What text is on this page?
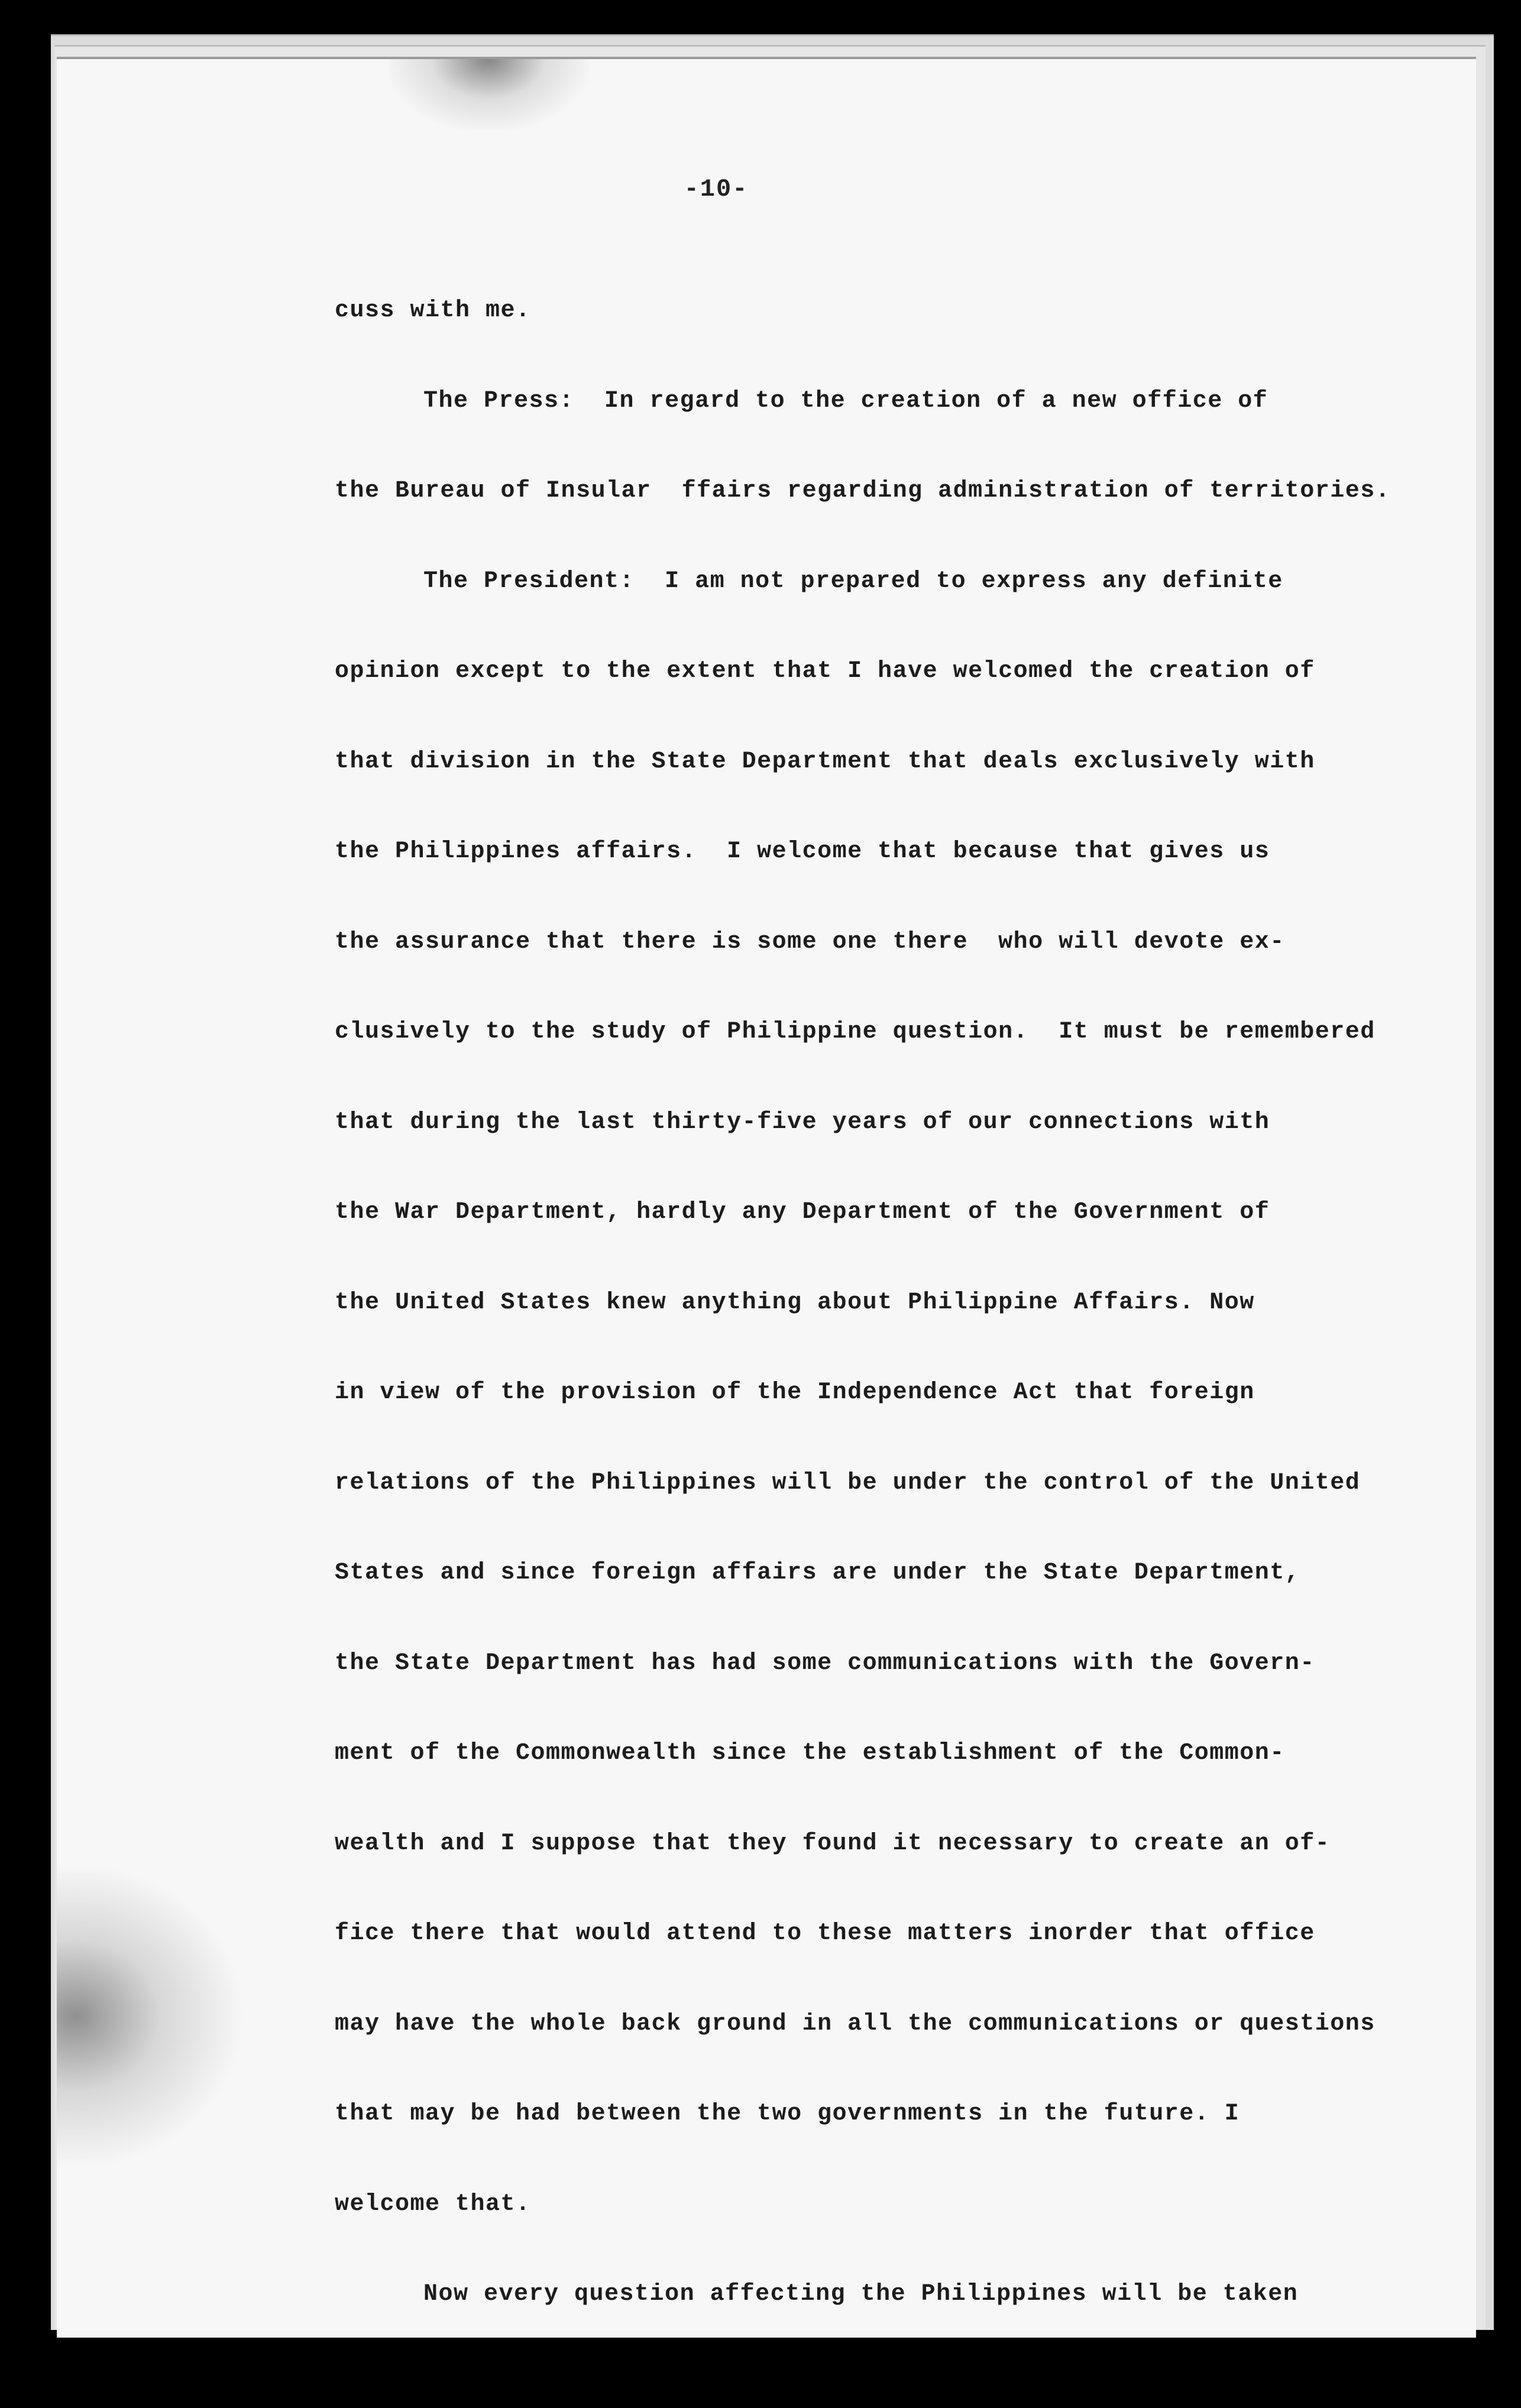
-10-
cuss with me.
The Press:  In regard to the creation of a new office of
the Bureau of Insular  ffairs regarding administration of territories.
The President:  I am not prepared to express any definite
opinion except to the extent that I have welcomed the creation of
that division in the State Department that deals exclusively with
the Philippines affairs.  I welcome that because that gives us
the assurance that there is some one there  who will devote ex-
clusively to the study of Philippine question.  It must be remembered
that during the last thirty-five years of our connections with
the War Department, hardly any Department of the Government of
the United States knew anything about Philippine Affairs. Now
in view of the provision of the Independence Act that foreign
relations of the Philippines will be under the control of the United
States and since foreign affairs are under the State Department,
the State Department has had some communications with the Govern-
ment of the Commonwealth since the establishment of the Common-
wealth and I suppose that they found it necessary to create an of-
fice there that would attend to these matters inorder that office
may have the whole back ground in all the communications or questions
that may be had between the two governments in the future. I
welcome that.
Now every question affecting the Philippines will be taken
